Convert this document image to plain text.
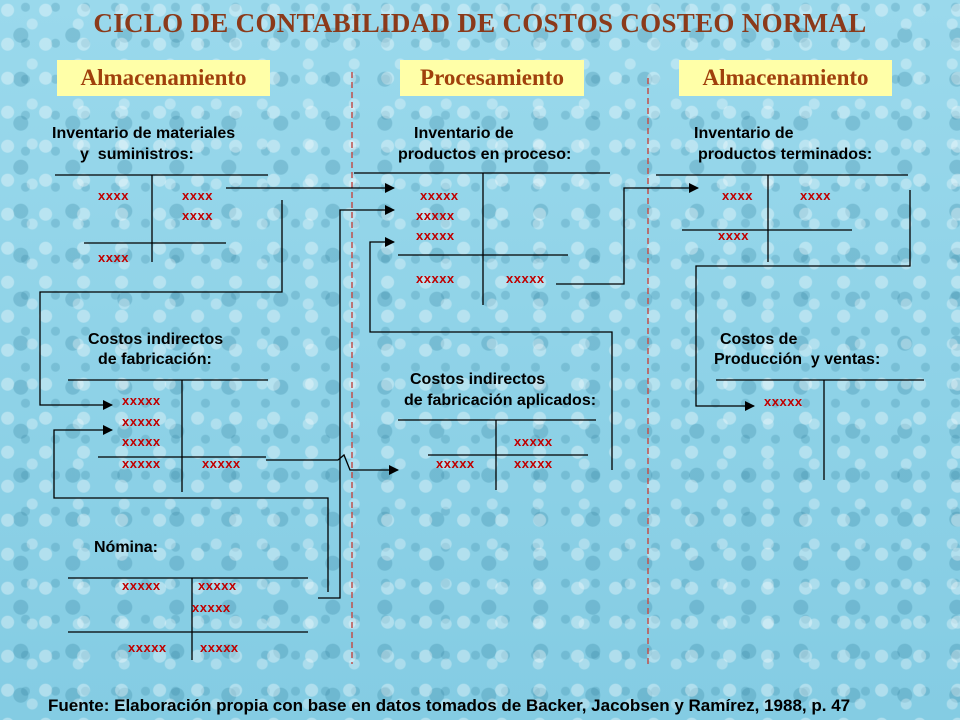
CICLO DE CONTABILIDAD DE COSTOS COSTEO NORMAL
Almacenamiento	Procesamiento	Almacenamiento
Inventario de materiales
y  suministros:
Inventario de
productos en proceso:
Inventario de
productos terminados:
Costos indirectos
de fabricación:
Costos indirectos
de fabricación aplicados:
Costos de
Producción  y ventas:
Nómina:
xxxx	xxxx
xxxx
xxxx
xxxxx
xxxxx
xxxxx
xxxxx	xxxxx
xxxx	xxxx
xxxx
xxxxx
xxxxx
xxxxx
xxxxx	xxxxx
xxxxx
xxxxx	xxxxx
xxxxx
xxxxx	xxxxx
xxxxx
xxxxx	xxxxx
Fuente: Elaboración propia con base en datos tomados de Backer, Jacobsen y Ramírez, 1988, p. 47
